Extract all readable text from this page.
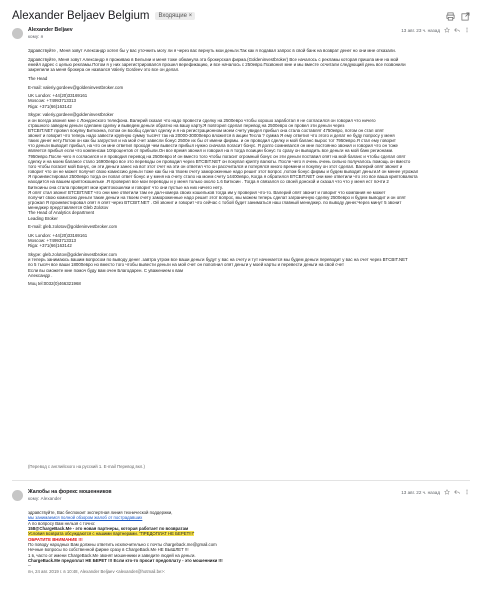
Alexander Beljaev Belgium	Входящие ×
Alexander Beljaev
кому: я
13 авг. 23 ч. назад

Здравствуйте , Меня зовут Александр хотел бы у вас уточнить могу ли я через вас вернуть мои деньги.Так как я подавал запрос в свой банк на возврат денег но они мне отказали.

Здравствуйте, Меня зовут Александр я проживаю в Бельгии и меня тоже обманула эта брокерская фирма.(Goldeninvestbroker) Все началось с рекламы которая пришла мне на мой
емейл адрес с целью рекламы.Потом я у них зарегистрировался прошел верефикацию, и все началось с 250евро.Позвонил мне и мы вместе осчитали следующий день все позвонили
закрепили за меня брокера он назвался Valeriy Gordeev это все он делал.

The Head

E-mail: valeriy.gordeev@goldeninvestbroker.com

UK London: +44(20)33169161
Moscow: +74993713313
Riga: +371(66)163142

Skype: valeriy.gordeev@goldeninvestbroker
и он всегда звонил мне с Лондонского телефона. Валерий сказал что надо провести сделку на 2500евро чтобы хорошо заработал я не согласился он говорил что ничего
страшного заведем деньги сделаем сделку и выведем деньги обратно на вашу карту.Я повторил сделал перевод на 2500евро он провел эти деньги через
BTCBIT.NET провел покупку Биткоина, потом он вообщ сделал сделку и я на регистрационном моем счету увидел прибыл она стала составлят 4750евро, потом он стал опят
звонит и говорит что теперь надо завести крупную сумму тысячт так на 20000-30000евро вложится в акции Тесла ? сумма Я ему ответил что этого и делат не буду попросу у меня
таких денег нету.Потом он как бы загрустил и на мой счет завесли бонус 2500е их бы от имени фирмы. и он проводил сделку и мой баланс вырос тот 7950евро.Я стал ему говорит
что деньги выводит прибыл, на что он мне ответил проходя чем вывести прибыл нужно сначала погасит бонус. Я долго сомневался он мне постоянно звонил и говорил что он тоже
является прибыл если что компенсам 10процентов от прибыли.Он все время звонил и говорил на я тогда позиции бонус то сразу он выводить все деньги на мой банк регионами.
7950евро.После чего я согласился и я проводил перевод на 2500евро И он вместо того чтобы погасит огромный бонус он эти деньги поставил опят на мой баланс и чтобы сделал опят
сделку и на моем балансе стало 16900евро все это переводы он проводил через BTCBIT.NET он покупал крипту валюты. После чего я очень очень сильно получалось помощь он вместо
того чтобы погасит мой Бонус, он эти деньги занес на вот этот счет на эти он ответил что он рассчитался и потерялся много времени и покупку он этот сделал. Валерий опят звонит и
говорит что он не может получит свою комиссию деньги тоже как бы на твоем счету замороженные надо решит этот вопрос ,потом бонус фирмы и будем выводит деньги.И он менее угрожал
Я проинвестировал 2500евро тогда он попал ответ бонус и у меня на счету стало на моем счету 14400евро, Когда я обратился BTCBIT.NET они мне ответили что это все ваша криптовалюта
находится на вашем криптокошельке .Я проверил все мои переводы и у меня только около 1.6 Биткоин . Тогда я связался со своей донской и сказал что что у меня ест почти 2
Биткоины она стала проверят мои криптокошелки и говорит что они пустые на них ничего нету.
Я опят стал звонит BTCBIT.NET что они мне ответили там ее дал-номера своих кошельков тогда им у проверил что-то. Валерий опят звонит и говорит что компания не может
получит свою комиссию деньги такие деньги на твоем счету замороженные надо решит этот вопрос, мы можем теперь сделат заграничную сделку 2500евро и будем выводит и он опят
угрожал Я проинвестировал опят я опят через BTCBIT.NET . Ой звонит и говорит что сейчас с тобой будет заниматься наш главный менеджер. по выводу денег.Через минут 5 звонит
менеджер представляется Gleb Zolotov
The Head of Analytics department
Leading Broker

E-mail: gleb.zolotov@goldeninvestbroker.com

UK London: +44(20)33169161
Moscow: +74993713313
Riga: +371(66)163142

Skype: gleb.zolotov@goldeninvestbroker.com
и теперь занимаюсь вашим вопросом по выводу денег .завтра утром все ваши деньги будут у вас на счету и тут начинается мы будем деньги переводит у вас на счет через BTCBIT.NET
по 5 тысяч все ваши 18000евро но вместо того чтобы вывести деньги на мой счет он пополнил опят деньги у моей карты и перевести деньги на свой счет
Если вы сможете мне помоч буду вам очен Благодарен. С уважением к вам
Александр .

Моц tel:0032(0)466321968

(Перевод с английского на русский 1. Е-mail Перевод вкл.)
Жалобы на форекс мошенников
кому: Alexander
13 авг. 22 ч. назад
здравствуйте, Вас беспокоит экспертная линия технической поддержки,
мы занимаемся полной обзором жалоб от пострадавших
А по вопросу Вам нельзя с точно:
158@ChargeBack.Me - это новая партнеры, которая работает по возвратам
Условия возврата обсуждаются с нашими партнерами. "ПРЕДОПЛАТ НЕ БЕРЕТ!!!"
ОБРАТИТЕ ВНИМАНИЕ !!!
По поводу народных Вам должны ответить исключительно с почты chargeback.me@gmail.com
Нечные вопросы по собственной фирме сразу в ChargeBack.Me НЕ ВЫШЛЕТ !!!
1 в, часто от имени ChargeBack.Me звонят мошенники и заведите людей на деньги.
ChargeBack.Me предоплат НЕ БЕРЕТ !!! Если кто-то просит предоплату - это мошенники !!!
--
пн, 24 авг. 2019 г. в 10:48, Alexander Beljaev <alexander@hotmail.be>:
